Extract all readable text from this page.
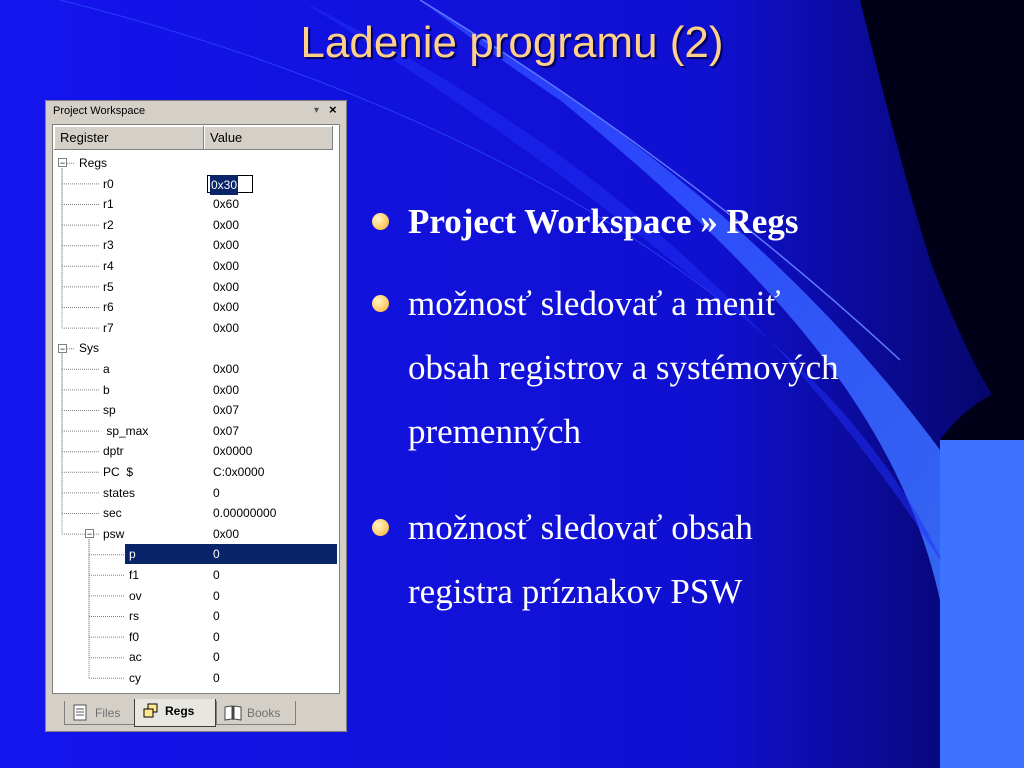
Ladenie programu (2)
Project Workspace	▾ ×
Regs
−
r0	0x30
r1	0x60
r2	0x00
r3	0x00
r4	0x00
r5	0x00
r6	0x00
r7	0x00
Sys
−
a	0x00
b	0x00
sp	0x07
sp_max	0x07
dptr	0x0000
PC  $	C:0x0000
states	0
sec	0.00000000
psw	0x00
−
p	0
f1	0
ov	0
rs	0
f0	0
ac	0
cy	0
Register	Value
Files	Books
Regs
Project Workspace » Regs
možnosť sledovať a meniť
obsah registrov a systémových
premenných
možnosť sledovať obsah
registra príznakov PSW
